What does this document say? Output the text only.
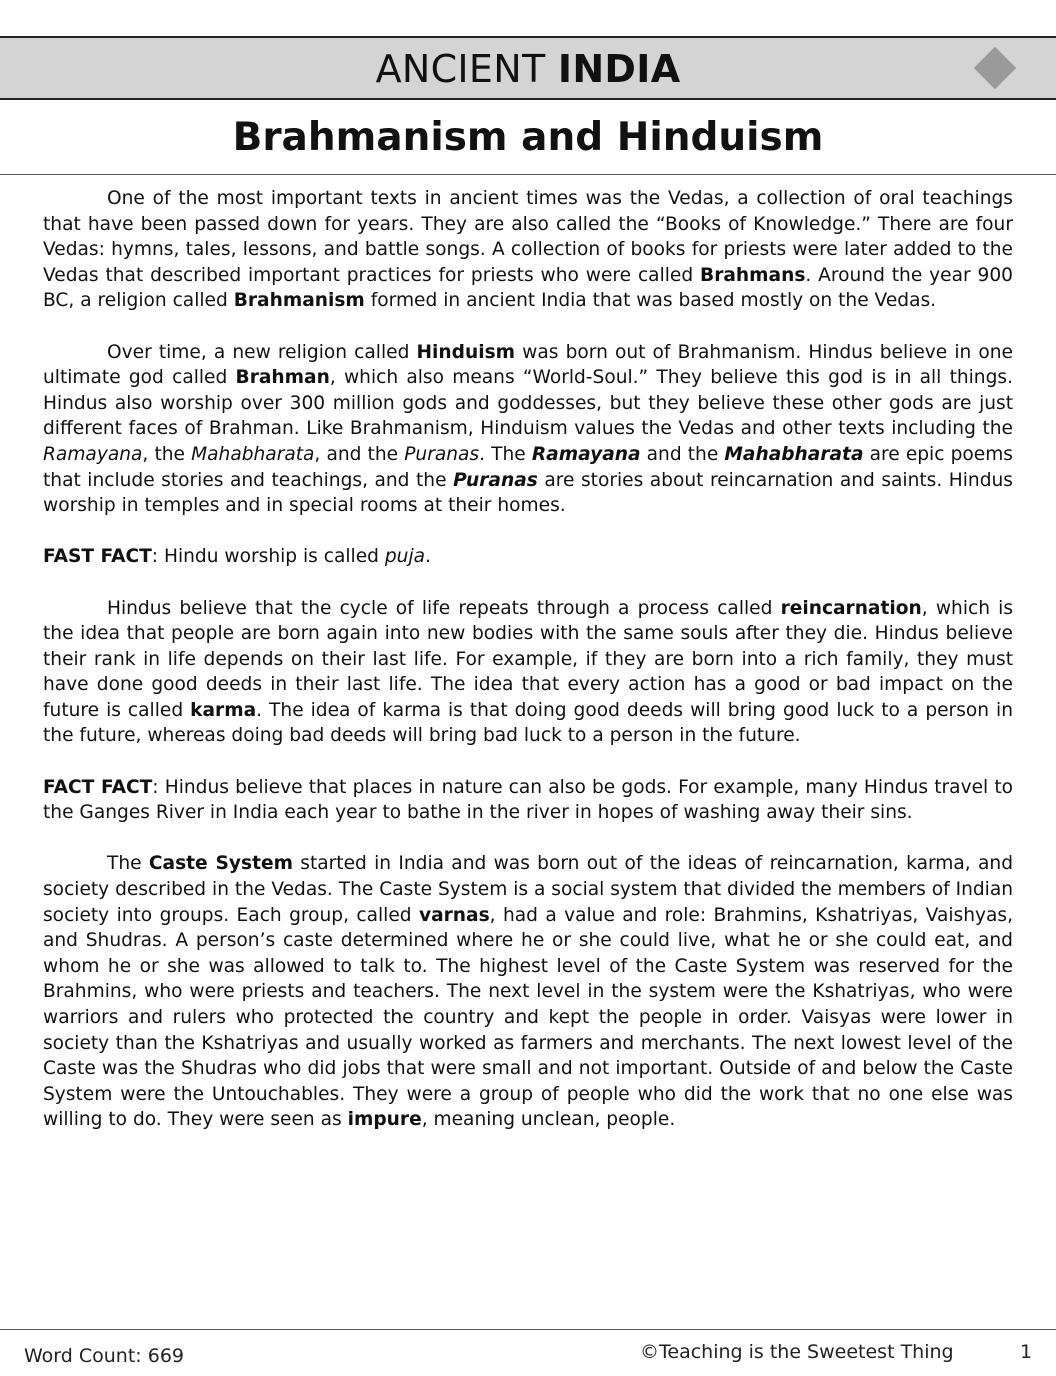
ANCIENT INDIA
Brahmanism and Hinduism

One of the most important texts in ancient times was the Vedas, a collection of oral teachings that have been passed down for years. They are also called the “Books of Knowledge.” There are four Vedas: hymns, tales, lessons, and battle songs. A collection of books for priests were later added to the Vedas that described important practices for priests who were called Brahmans. Around the year 900 BC, a religion called Brahmanism formed in ancient India that was based mostly on the Vedas.

Over time, a new religion called Hinduism was born out of Brahmanism. Hindus believe in one ultimate god called Brahman, which also means “World-Soul.” They believe this god is in all things. Hindus also worship over 300 million gods and goddesses, but they believe these other gods are just different faces of Brahman. Like Brahmanism, Hinduism values the Vedas and other texts including the Ramayana, the Mahabharata, and the Puranas. The Ramayana and the Mahabharata are epic poems that include stories and teachings, and the Puranas are stories about reincarnation and saints. Hindus worship in temples and in special rooms at their homes.

FAST FACT: Hindu worship is called puja.

Hindus believe that the cycle of life repeats through a process called reincarnation, which is the idea that people are born again into new bodies with the same souls after they die. Hindus believe their rank in life depends on their last life. For example, if they are born into a rich family, they must have done good deeds in their last life. The idea that every action has a good or bad impact on the future is called karma. The idea of karma is that doing good deeds will bring good luck to a person in the future, whereas doing bad deeds will bring bad luck to a person in the future.

FACT FACT: Hindus believe that places in nature can also be gods. For example, many Hindus travel to the Ganges River in India each year to bathe in the river in hopes of washing away their sins.

The Caste System started in India and was born out of the ideas of reincarnation, karma, and society described in the Vedas. The Caste System is a social system that divided the members of Indian society into groups. Each group, called varnas, had a value and role: Brahmins, Kshatriyas, Vaishyas, and Shudras. A person’s caste determined where he or she could live, what he or she could eat, and whom he or she was allowed to talk to. The highest level of the Caste System was reserved for the Brahmins, who were priests and teachers. The next level in the system were the Kshatriyas, who were warriors and rulers who protected the country and kept the people in order. Vaisyas were lower in society than the Kshatriyas and usually worked as farmers and merchants. The next lowest level of the Caste was the Shudras who did jobs that were small and not important. Outside of and below the Caste System were the Untouchables. They were a group of people who did the work that no one else was willing to do. They were seen as impure, meaning unclean, people.

Word Count: 669	©Teaching is the Sweetest Thing	1
